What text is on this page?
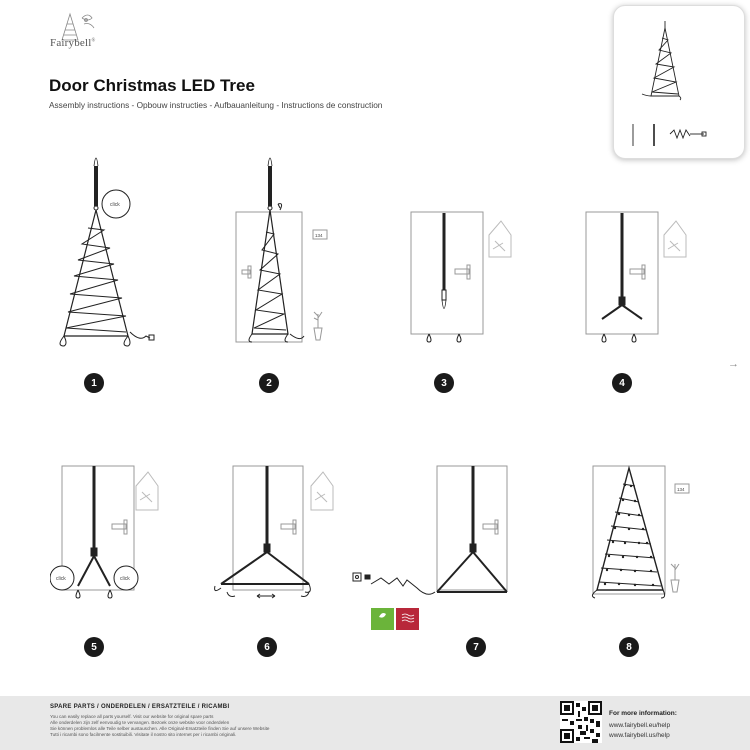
Fairybell®
Door Christmas LED Tree
Assembly instructions - Opbouw instructies - Aufbauanleitung - Instructions de construction
click
1
134
2	3	4
→
click	click
5	6	7
134
8
SPARE PARTS / ONDERDELEN / ERSATZTEILE / RICAMBI
You can easily replace all parts yourself. Visit our website for original spare parts
Alle onderdelen zijn zelf eenvoudig te vervangen. Bezoek onze website voor onderdelen
Sie können problemlos alle Teile selber austauschen. Alle Original-Ersatzteile finden Sie auf unsere Website
Tutti i ricambi sono facilmente sostituibili. Visitate il nostro sito internet per i ricambi originali.
For more information:
www.fairybell.eu/help
www.fairybell.us/help
